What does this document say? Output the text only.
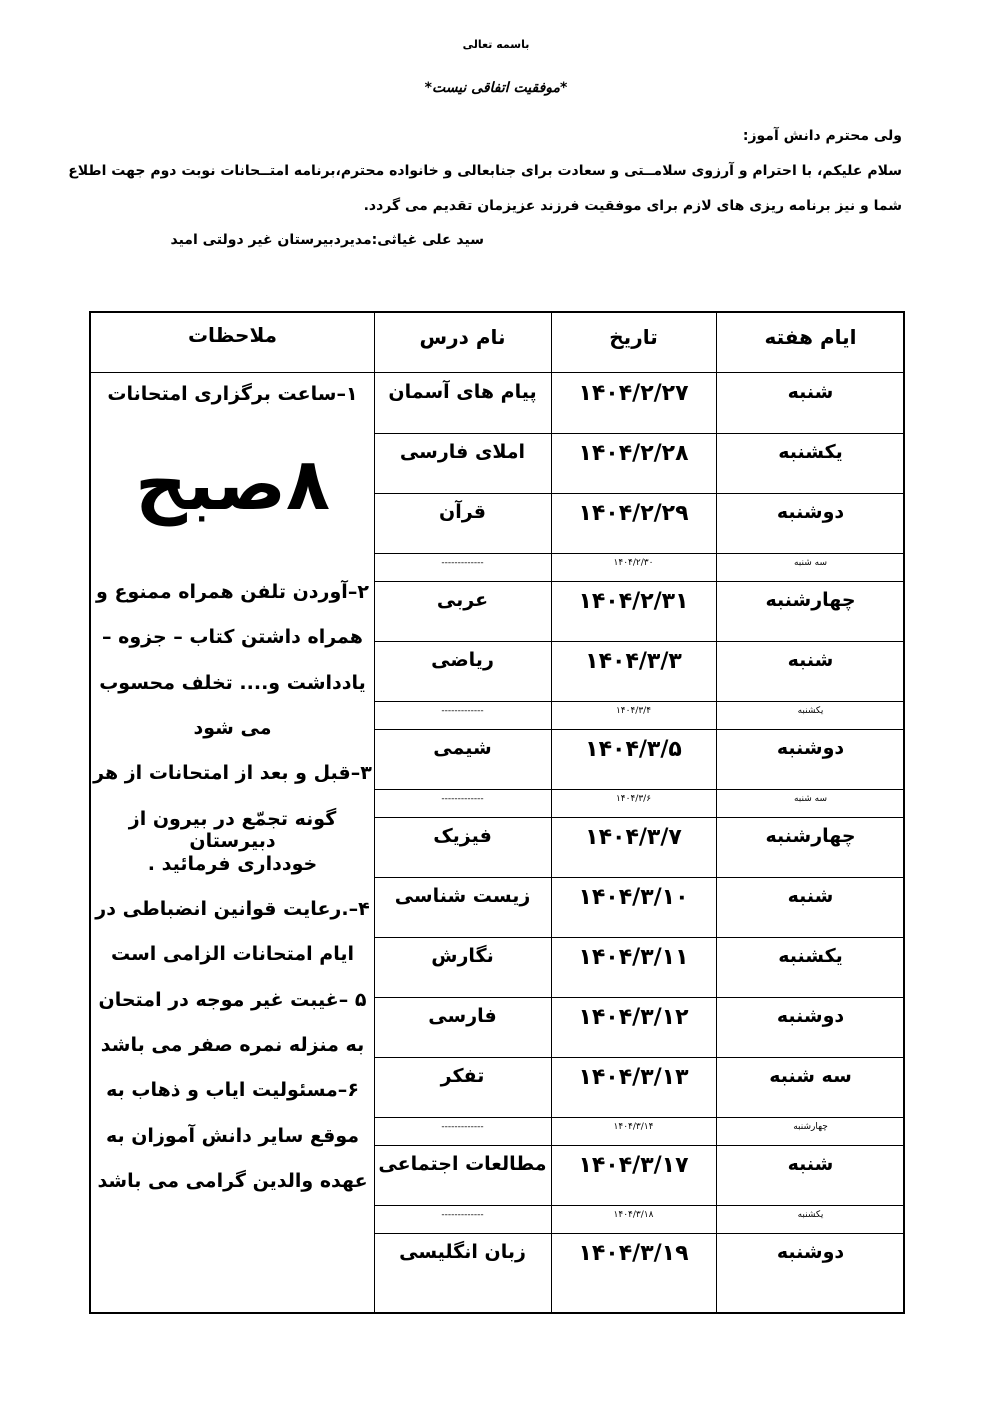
باسمه تعالی
*موفقیت اتفاقی نیست*
ولی محترم دانش آموز:
سلام علیکم، با احترام و آرزوی سلامــتی و سعادت برای جنابعالی و خانواده محترم،برنامه امتــحانات نوبت دوم جهت اطلاع
شما و نیز برنامه ریزی های لازم برای موفقیت فرزند عزیزمان تقدیم می گردد.
سید علی غیاثی:مدیردبیرستان غیر دولتی امید
ایام هفته
تاریخ
نام درس
ملاحظات
شنبه
۱۴۰۴/۲/۲۷
پیام های آسمان
یکشنبه
۱۴۰۴/۲/۲۸
املای فارسی
دوشنبه
۱۴۰۴/۲/۲۹
قرآن
سه شنبه
۱۴۰۴/۲/۳۰
-------------
چهارشنبه
۱۴۰۴/۲/۳۱
عربی
شنبه
۱۴۰۴/۳/۳
ریاضی
یکشنبه
۱۴۰۴/۳/۴
-------------
دوشنبه
۱۴۰۴/۳/۵
شیمی
سه شنبه
۱۴۰۴/۳/۶
-------------
چهارشنبه
۱۴۰۴/۳/۷
فیزیک
شنبه
۱۴۰۴/۳/۱۰
زیست شناسی
یکشنبه
۱۴۰۴/۳/۱۱
نگارش
دوشنبه
۱۴۰۴/۳/۱۲
فارسی
سه شنبه
۱۴۰۴/۳/۱۳
تفکر
چهارشنبه
۱۴۰۴/۳/۱۴
-------------
شنبه
۱۴۰۴/۳/۱۷
مطالعات اجتماعی
یکشنبه
۱۴۰۴/۳/۱۸
-------------
دوشنبه
۱۴۰۴/۳/۱۹
زبان انگلیسی
۱–ساعت برگزاری امتحانات
۸صبح
۲–آوردن تلفن همراه ممنوع و
همراه داشتن کتاب – جزوه –
یادداشت و.... تخلف محسوب
می شود
۳–قبل و بعد از امتحانات از هر
گونه تجمّع در بیرون از دبیرستان
خودداری فرمائید .
۴–.رعایت قوانین انضباطی در
ایام امتحانات الزامی است
۵ –غیبت غیر موجه در امتحان
به منزله نمره صفر می باشد
۶–مسئولیت ایاب و ذهاب به
موقع سایر دانش آموزان به
عهده والدین گرامی می باشد
